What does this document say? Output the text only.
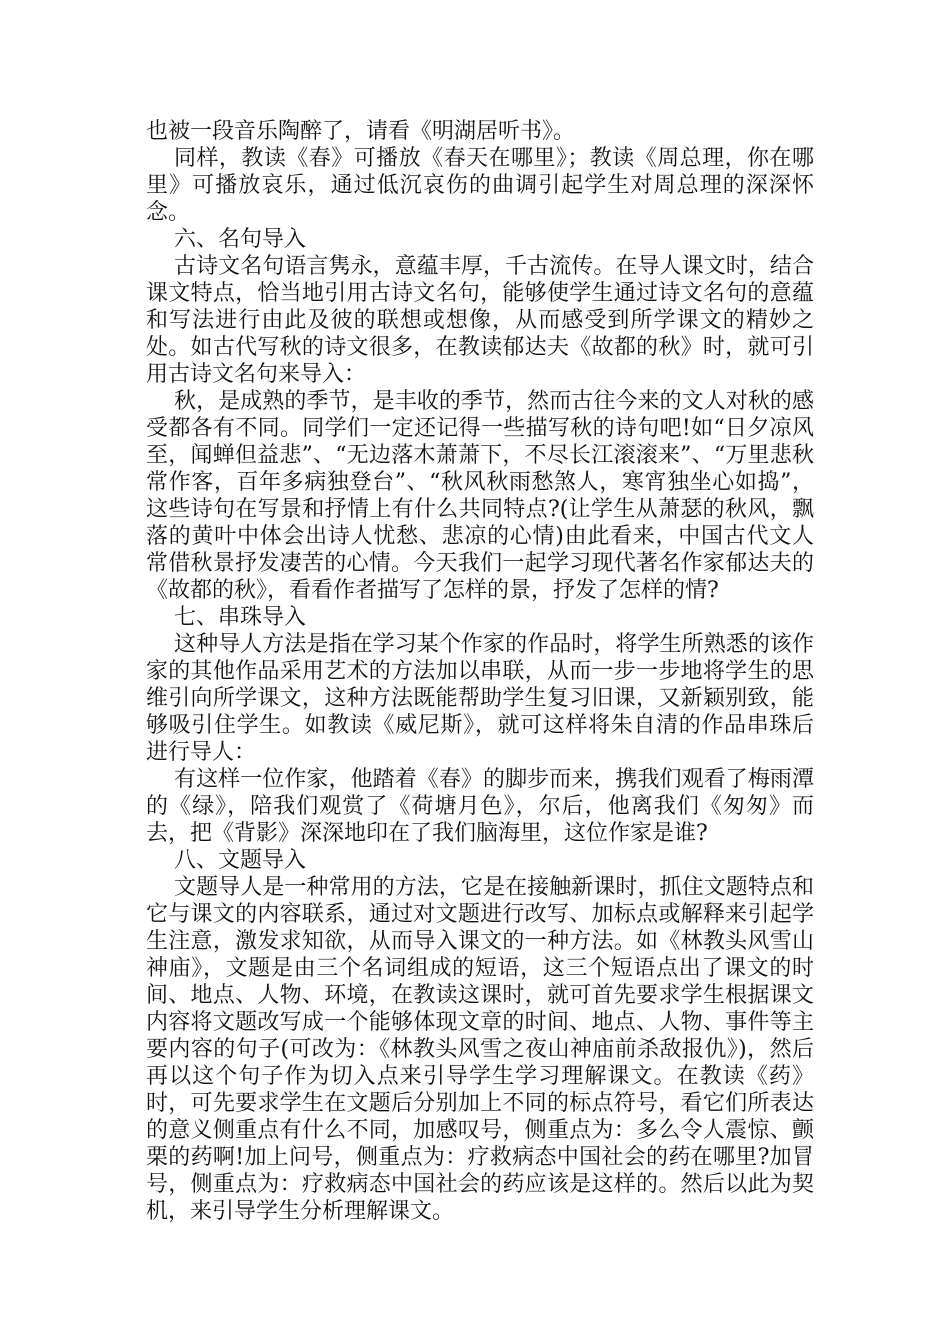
也被一段音乐陶醉了，请看《明湖居听书》。

同样，教读《春》可播放《春天在哪里》；教读《周总理，你在哪里》可播放哀乐，通过低沉哀伤的曲调引起学生对周总理的深深怀念。

六、名句导入

古诗文名句语言隽永，意蕴丰厚，千古流传。在导人课文时，结合课文特点，恰当地引用古诗文名句，能够使学生通过诗文名句的意蕴和写法进行由此及彼的联想或想像，从而感受到所学课文的精妙之处。如古代写秋的诗文很多，在教读郁达夫《故都的秋》时，就可引用古诗文名句来导入：

秋，是成熟的季节，是丰收的季节，然而古往今来的文人对秋的感受都各有不同。同学们一定还记得一些描写秋的诗句吧!如“日夕凉风至，闻蝉但益悲”、“无边落木萧萧下，不尽长江滚滚来”、“万里悲秋常作客，百年多病独登台”、“秋风秋雨愁煞人，寒宵独坐心如捣”，这些诗句在写景和抒情上有什么共同特点?(让学生从萧瑟的秋风，飘落的黄叶中体会出诗人忧愁、悲凉的心情)由此看来，中国古代文人常借秋景抒发凄苦的心情。今天我们一起学习现代著名作家郁达夫的《故都的秋》，看看作者描写了怎样的景，抒发了怎样的情?

七、串珠导入

这种导人方法是指在学习某个作家的作品时，将学生所熟悉的该作家的其他作品采用艺术的方法加以串联，从而一步一步地将学生的思维引向所学课文，这种方法既能帮助学生复习旧课，又新颖别致，能够吸引住学生。如教读《威尼斯》，就可这样将朱自清的作品串珠后进行导人：

有这样一位作家，他踏着《春》的脚步而来，携我们观看了梅雨潭的《绿》，陪我们观赏了《荷塘月色》，尔后，他离我们《匆匆》而去，把《背影》深深地印在了我们脑海里，这位作家是谁?

八、文题导入

文题导人是一种常用的方法，它是在接触新课时，抓住文题特点和它与课文的内容联系，通过对文题进行改写、加标点或解释来引起学生注意，激发求知欲，从而导入课文的一种方法。如《林教头风雪山神庙》，文题是由三个名词组成的短语，这三个短语点出了课文的时间、地点、人物、环境，在教读这课时，就可首先要求学生根据课文内容将文题改写成一个能够体现文章的时间、地点、人物、事件等主要内容的句子(可改为：《林教头风雪之夜山神庙前杀敌报仇》)，然后再以这个句子作为切入点来引导学生学习理解课文。在教读《药》时，可先要求学生在文题后分别加上不同的标点符号，看它们所表达的意义侧重点有什么不同，加感叹号，侧重点为：多么令人震惊、颤栗的药啊!加上问号，侧重点为：疗救病态中国社会的药在哪里?加冒号，侧重点为：疗救病态中国社会的药应该是这样的。然后以此为契机，来引导学生分析理解课文。
